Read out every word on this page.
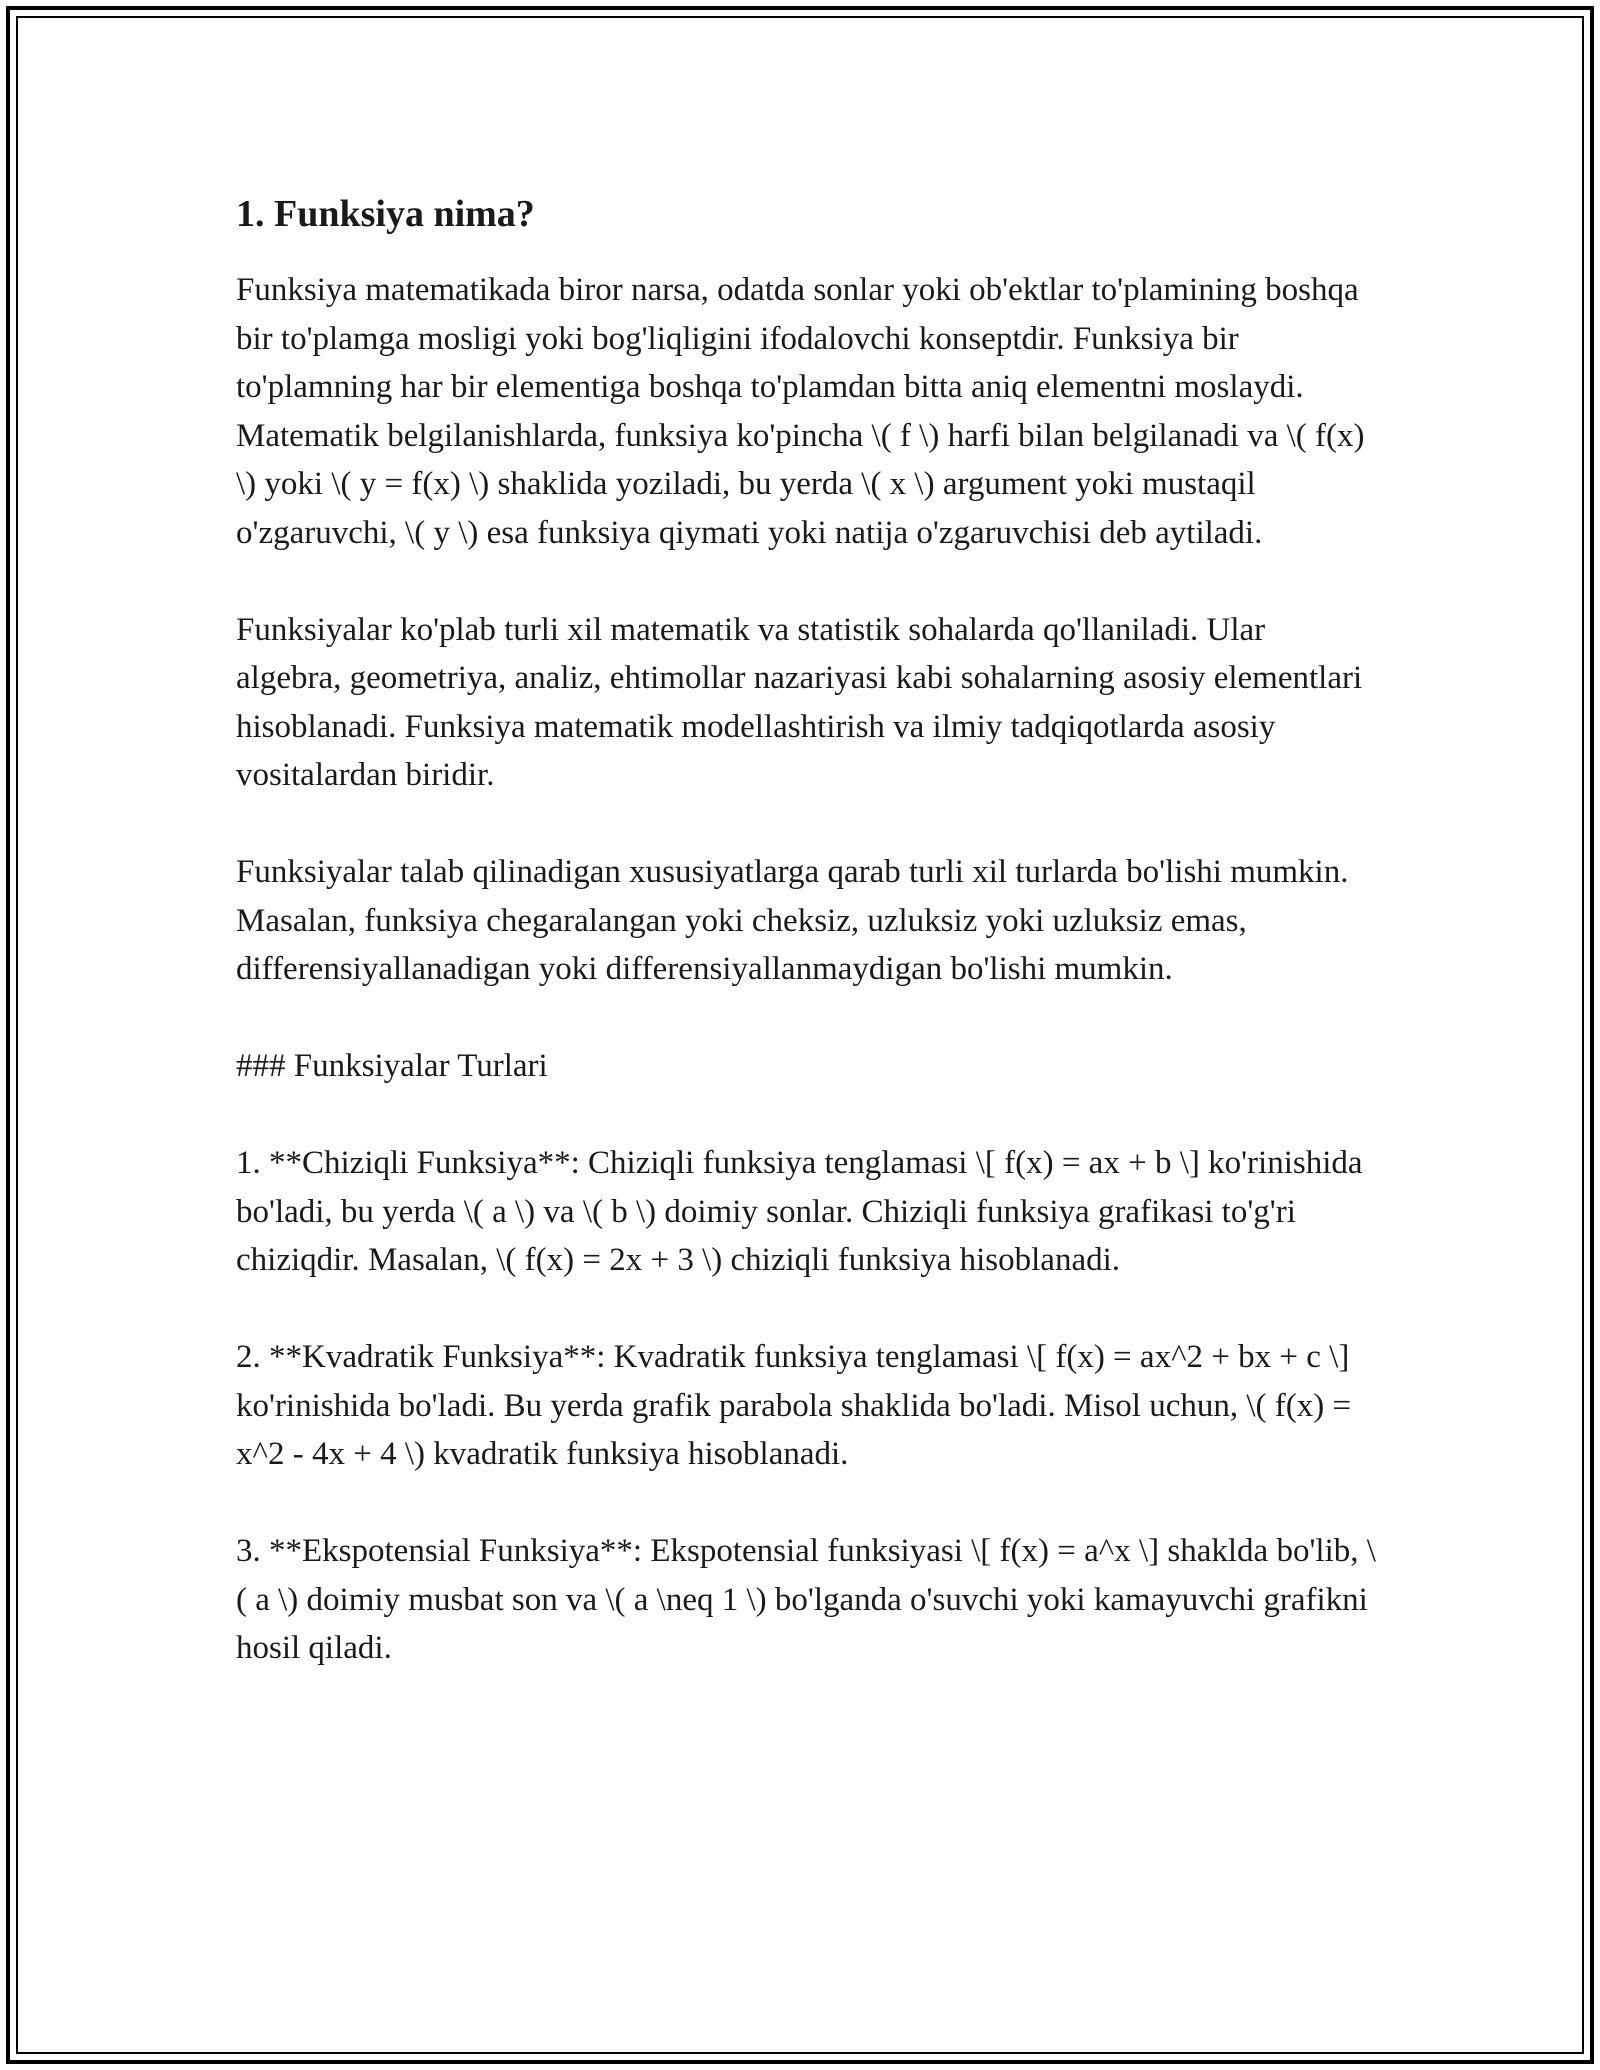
1. Funksiya nima?

Funksiya matematikada biror narsa, odatda sonlar yoki ob'ektlar to'plamining boshqa bir to'plamga mosligi yoki bog'liqligini ifodalovchi konseptdir. Funksiya bir to'plamning har bir elementiga boshqa to'plamdan bitta aniq elementni moslaydi. Matematik belgilanishlarda, funksiya ko'pincha \( f \) harfi bilan belgilanadi va \( f(x) \) yoki \( y = f(x) \) shaklida yoziladi, bu yerda \( x \) argument yoki mustaqil o'zgaruvchi, \( y \) esa funksiya qiymati yoki natija o'zgaruvchisi deb aytiladi.

Funksiyalar ko'plab turli xil matematik va statistik sohalarda qo'llaniladi. Ular algebra, geometriya, analiz, ehtimollar nazariyasi kabi sohalarning asosiy elementlari hisoblanadi. Funksiya matematik modellashtirish va ilmiy tadqiqotlarda asosiy vositalardan biridir.

Funksiyalar talab qilinadigan xususiyatlarga qarab turli xil turlarda bo'lishi mumkin. Masalan, funksiya chegaralangan yoki cheksiz, uzluksiz yoki uzluksiz emas, differensiyallanadigan yoki differensiyallanmaydigan bo'lishi mumkin.

### Funksiyalar Turlari

1. **Chiziqli Funksiya**: Chiziqli funksiya tenglamasi \[ f(x) = ax + b \] ko'rinishida bo'ladi, bu yerda \( a \) va \( b \) doimiy sonlar. Chiziqli funksiya grafikasi to'g'ri chiziqdir. Masalan, \( f(x) = 2x + 3 \) chiziqli funksiya hisoblanadi.

2. **Kvadratik Funksiya**: Kvadratik funksiya tenglamasi \[ f(x) = ax^2 + bx + c \] ko'rinishida bo'ladi. Bu yerda grafik parabola shaklida bo'ladi. Misol uchun, \( f(x) = x^2 - 4x + 4 \) kvadratik funksiya hisoblanadi.

3. **Ekspotensial Funksiya**: Ekspotensial funksiyasi \[ f(x) = a^x \] shaklda bo'lib, \( a \) doimiy musbat son va \( a \neq 1 \) bo'lganda o'suvchi yoki kamayuvchi grafikni hosil qiladi.
